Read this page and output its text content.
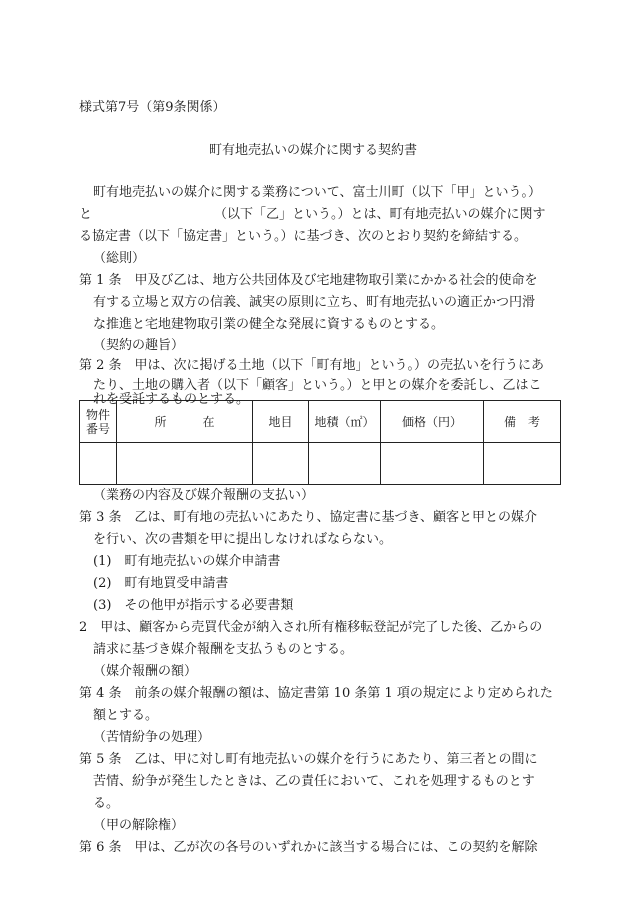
様式第7号（第9条関係）
町有地売払いの媒介に関する契約書
町有地売払いの媒介に関する業務について、富士川町（以下「甲」という。）
と	（以下「乙」という。）とは、町有地売払いの媒介に関す
る協定書（以下「協定書」という。）に基づき、次のとおり契約を締結する。
（総則）
第 1 条　甲及び乙は、地方公共団体及び宅地建物取引業にかかる社会的使命を
有する立場と双方の信義、誠実の原則に立ち、町有地売払いの適正かつ円滑
な推進と宅地建物取引業の健全な発展に資するものとする。
（契約の趣旨）
第 2 条　甲は、次に掲げる土地（以下「町有地」という。）の売払いを行うにあ
たり、土地の購入者（以下「顧客」という。）と甲との媒介を委託し、乙はこ
物件
番号	所　　　在	地目	地積（㎡）	価格（円）	備　考

（業務の内容及び媒介報酬の支払い）
第 3 条　乙は、町有地の売払いにあたり、協定書に基づき、顧客と甲との媒介
を行い、次の書類を甲に提出しなければならない。
(1)　町有地売払いの媒介申請書
(2)　町有地買受申請書
(3)　その他甲が指示する必要書類
2　甲は、顧客から売買代金が納入され所有権移転登記が完了した後、乙からの
請求に基づき媒介報酬を支払うものとする。
（媒介報酬の額）
第 4 条　前条の媒介報酬の額は、協定書第 10 条第 1 項の規定により定められた
額とする。
（苦情紛争の処理）
第 5 条　乙は、甲に対し町有地売払いの媒介を行うにあたり、第三者との間に
苦情、紛争が発生したときは、乙の責任において、これを処理するものとす
る。
（甲の解除権）
第 6 条　甲は、乙が次の各号のいずれかに該当する場合には、この契約を解除
れを受託するものとする。
